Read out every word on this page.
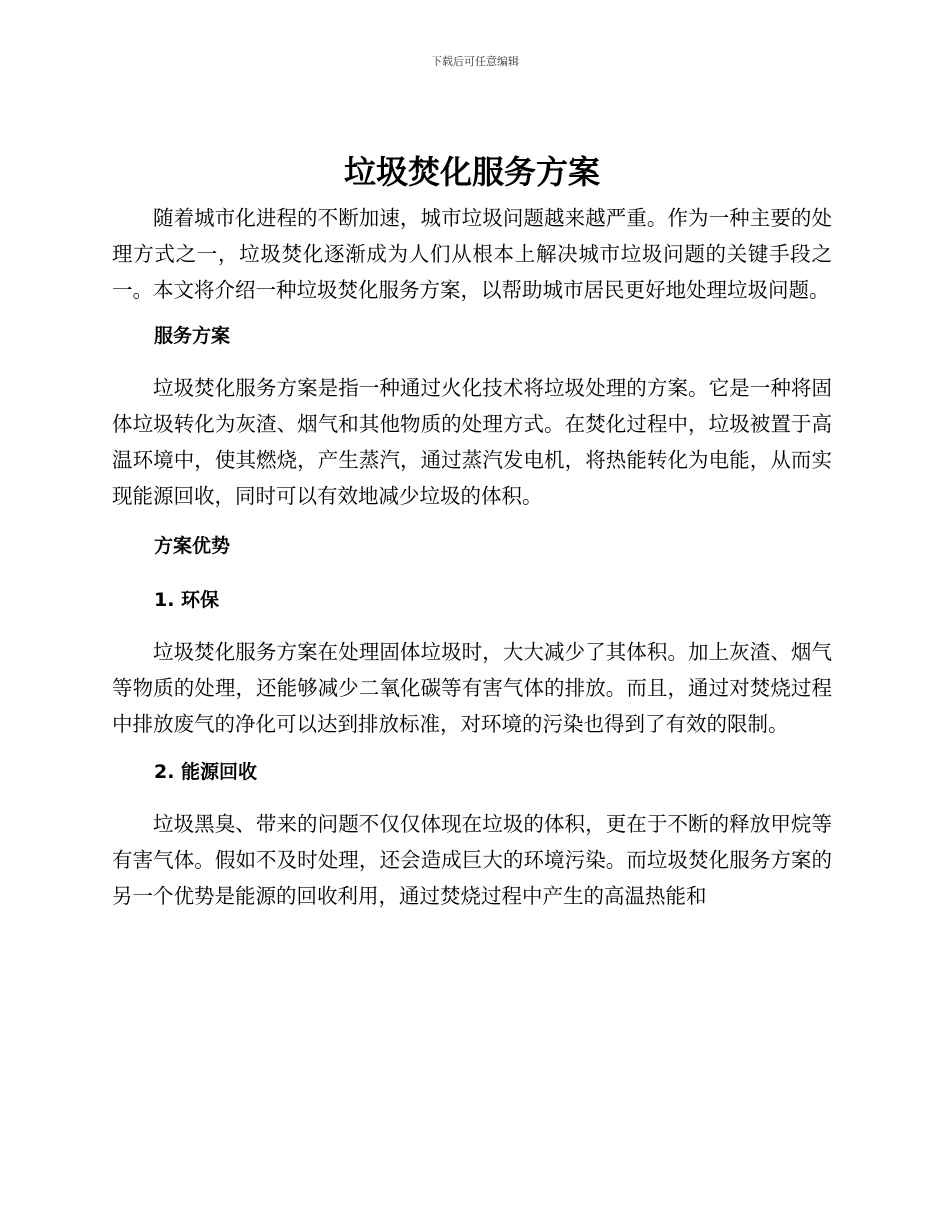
下载后可任意编辑
垃圾焚化服务方案

随着城市化进程的不断加速，城市垃圾问题越来越严重。作为一种主要的处理方式之一，垃圾焚化逐渐成为人们从根本上解决城市垃圾问题的关键手段之一。本文将介绍一种垃圾焚化服务方案，以帮助城市居民更好地处理垃圾问题。

服务方案

垃圾焚化服务方案是指一种通过火化技术将垃圾处理的方案。它是一种将固体垃圾转化为灰渣、烟气和其他物质的处理方式。在焚化过程中，垃圾被置于高温环境中，使其燃烧，产生蒸汽，通过蒸汽发电机，将热能转化为电能，从而实现能源回收，同时可以有效地减少垃圾的体积。

方案优势
1. 环保

垃圾焚化服务方案在处理固体垃圾时，大大减少了其体积。加上灰渣、烟气等物质的处理，还能够减少二氧化碳等有害气体的排放。而且，通过对焚烧过程中排放废气的净化可以达到排放标准，对环境的污染也得到了有效的限制。

2. 能源回收

垃圾黑臭、带来的问题不仅仅体现在垃圾的体积，更在于不断的释放甲烷等有害气体。假如不及时处理，还会造成巨大的环境污染。而垃圾焚化服务方案的另一个优势是能源的回收利用，通过焚烧过程中产生的高温热能和
